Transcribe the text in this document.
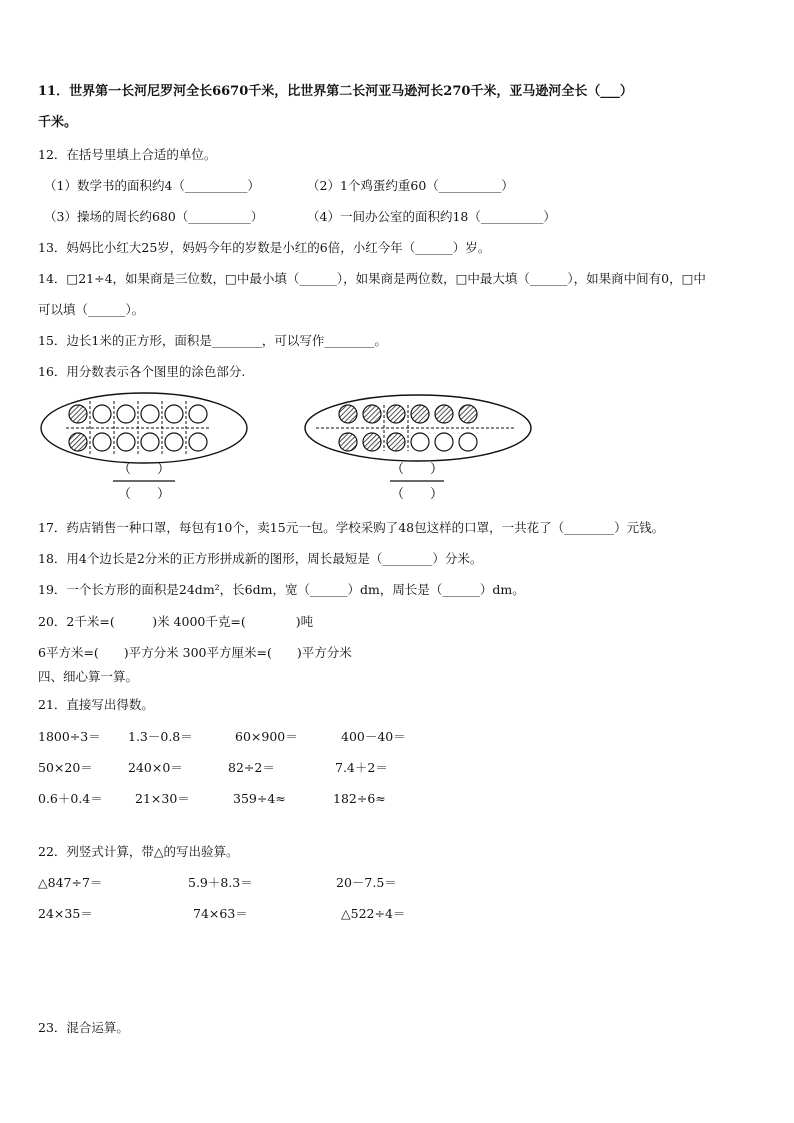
11．世界第一长河尼罗河全长6670千米，比世界第二长河亚马逊河长270千米，亚马逊河全长（___）
千米。
12．在括号里填上合适的单位。
（1）数学书的面积约4（__________）	（2）1个鸡蛋约重60（__________）
（3）操场的周长约680（__________）	（4）一间办公室的面积约18（__________）
13．妈妈比小红大25岁，妈妈今年的岁数是小红的6倍，小红今年（______）岁。
14．□21÷4，如果商是三位数，□中最小填（______），如果商是两位数，□中最大填（______），如果商中间有0，□中
可以填（______）。
15．边长1米的正方形，面积是________，可以写作________。
16．用分数表示各个图里的涂色部分.
（　　）
（　　）
（　　）
（　　）
17．药店销售一种口罩，每包有10个，卖15元一包。学校采购了48包这样的口罩，一共花了（________）元钱。
18．用4个边长是2分米的正方形拼成新的图形，周长最短是（________）分米。
19．一个长方形的面积是24dm²，长6dm，宽（______）dm，周长是（______）dm。
20．2千米=(　　　)米 4000千克=(　　　　)吨
6平方米=(　　)平方分米 300平方厘米=(　　)平方分米
四、细心算一算。
21．直接写出得数。
1800÷3＝ 1.3－0.8＝	60×900＝	400－40＝
50×20＝	240×0＝	82÷2＝	7.4＋2＝
0.6＋0.4＝	21×30＝	359÷4≈	182÷6≈
22．列竖式计算，带△的写出验算。
△847÷7＝	5.9＋8.3＝	20－7.5＝
24×35＝	74×63＝	△522÷4＝
23．混合运算。
